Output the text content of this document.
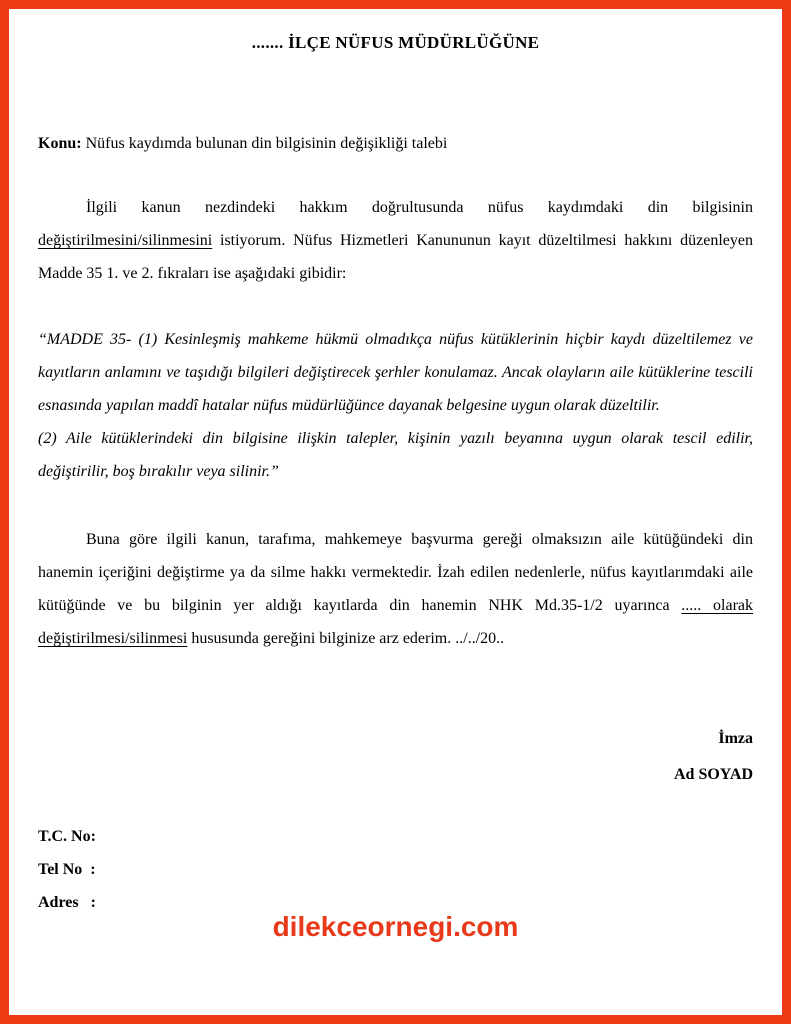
....... İLÇE NÜFUS MÜDÜRLÜĞÜNE
Konu: Nüfus kaydımda bulunan din bilgisinin değişikliği talebi

İlgili kanun nezdindeki hakkım doğrultusunda nüfus kaydımdaki din bilgisinin değiştirilmesini/silinmesini istiyorum. Nüfus Hizmetleri Kanununun kayıt düzeltilmesi hakkını düzenleyen Madde 35 1. ve 2. fıkraları ise aşağıdaki gibidir:

“MADDE 35- (1) Kesinleşmiş mahkeme hükmü olmadıkça nüfus kütüklerinin hiçbir kaydı düzeltilemez ve kayıtların anlamını ve taşıdığı bilgileri değiştirecek şerhler konulamaz. Ancak olayların aile kütüklerine tescili esnasında yapılan maddî hatalar nüfus müdürlüğünce dayanak belgesine uygun olarak düzeltilir.

(2) Aile kütüklerindeki din bilgisine ilişkin talepler, kişinin yazılı beyanına uygun olarak tescil edilir, değiştirilir, boş bırakılır veya silinir.”

Buna göre ilgili kanun, tarafıma, mahkemeye başvurma gereği olmaksızın aile kütüğündeki din hanemin içeriğini değiştirme ya da silme hakkı vermektedir. İzah edilen nedenlerle, nüfus kayıtlarımdaki aile kütüğünde ve bu bilginin yer aldığı kayıtlarda din hanemin NHK Md.35-1/2 uyarınca ..... olarak değiştirilmesi/silinmesi hususunda gereğini bilginize arz ederim. ../../20..

İmza
Ad SOYAD
T.C. No:
Tel No  :
Adres   :
dilekceornegi.com
